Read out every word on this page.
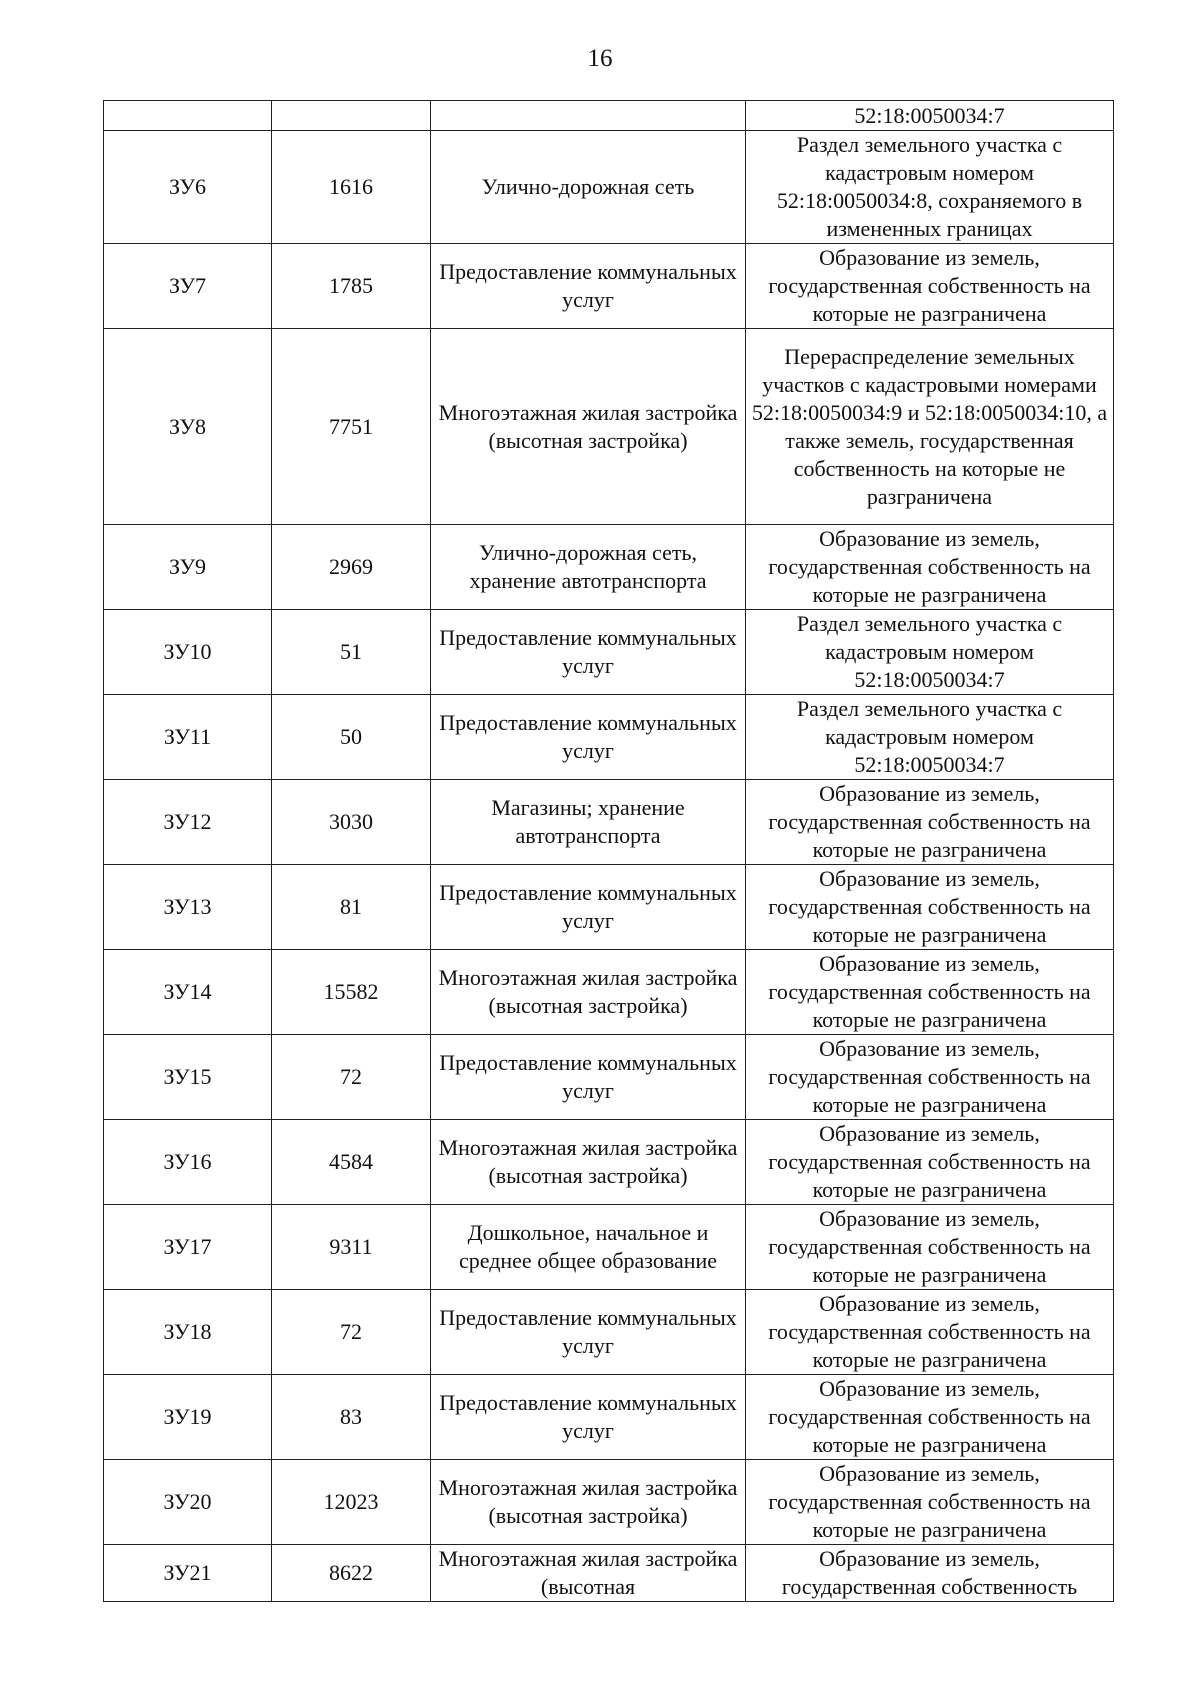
16
			52:18:0050034:7
ЗУ6	1616	Улично-дорожная сеть	Раздел земельного участка с кадастровым номером 52:18:0050034:8, сохраняемого в измененных границах
ЗУ7	1785	Предоставление коммунальных услуг	Образование из земель, государственная собственность на которые не разграничена
ЗУ8	7751	Многоэтажная жилая застройка (высотная застройка)	Перераспределение земельных участков с кадастровыми номерами 52:18:0050034:9 и 52:18:0050034:10, а также земель, государственная собственность на которые не разграничена
ЗУ9	2969	Улично-дорожная сеть, хранение автотранспорта	Образование из земель, государственная собственность на которые не разграничена
ЗУ10	51	Предоставление коммунальных услуг	Раздел земельного участка с кадастровым номером 52:18:0050034:7
ЗУ11	50	Предоставление коммунальных услуг	Раздел земельного участка с кадастровым номером 52:18:0050034:7
ЗУ12	3030	Магазины; хранение автотранспорта	Образование из земель, государственная собственность на которые не разграничена
ЗУ13	81	Предоставление коммунальных услуг	Образование из земель, государственная собственность на которые не разграничена
ЗУ14	15582	Многоэтажная жилая застройка (высотная застройка)	Образование из земель, государственная собственность на которые не разграничена
ЗУ15	72	Предоставление коммунальных услуг	Образование из земель, государственная собственность на которые не разграничена
ЗУ16	4584	Многоэтажная жилая застройка (высотная застройка)	Образование из земель, государственная собственность на которые не разграничена
ЗУ17	9311	Дошкольное, начальное и среднее общее образование	Образование из земель, государственная собственность на которые не разграничена
ЗУ18	72	Предоставление коммунальных услуг	Образование из земель, государственная собственность на которые не разграничена
ЗУ19	83	Предоставление коммунальных услуг	Образование из земель, государственная собственность на которые не разграничена
ЗУ20	12023	Многоэтажная жилая застройка (высотная застройка)	Образование из земель, государственная собственность на которые не разграничена
ЗУ21	8622	Многоэтажная жилая застройка (высотная	Образование из земель, государственная собственность
